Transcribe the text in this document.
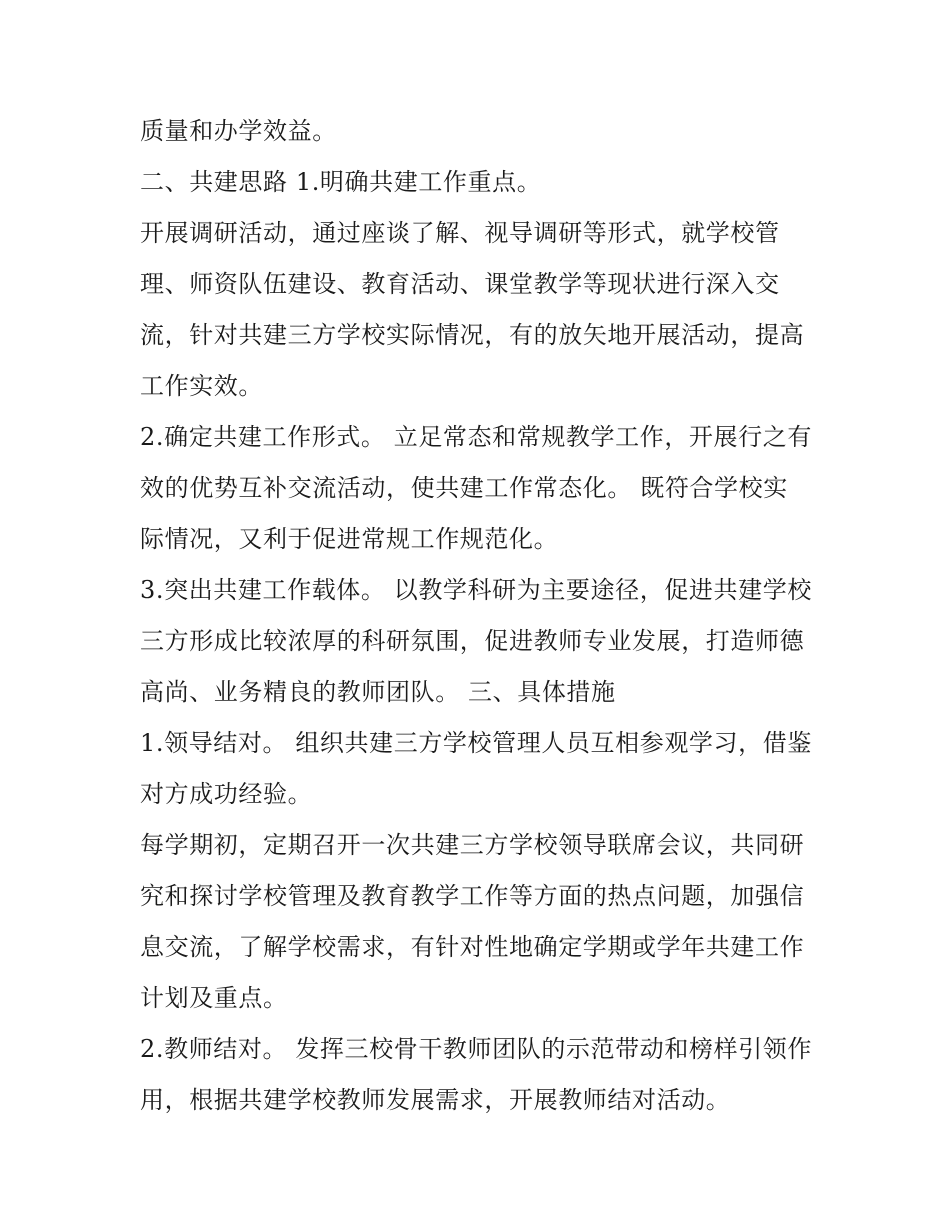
质量和办学效益。
二、共建思路 1.明确共建工作重点。
开展调研活动，通过座谈了解、视导调研等形式，就学校管
理、师资队伍建设、教育活动、课堂教学等现状进行深入交
流，针对共建三方学校实际情况，有的放矢地开展活动，提高
工作实效。
2.确定共建工作形式。 立足常态和常规教学工作，开展行之有
效的优势互补交流活动，使共建工作常态化。 既符合学校实
际情况，又利于促进常规工作规范化。
3.突出共建工作载体。 以教学科研为主要途径，促进共建学校
三方形成比较浓厚的科研氛围，促进教师专业发展，打造师德
高尚、业务精良的教师团队。 三、具体措施
1.领导结对。 组织共建三方学校管理人员互相参观学习，借鉴
对方成功经验。
每学期初，定期召开一次共建三方学校领导联席会议，共同研
究和探讨学校管理及教育教学工作等方面的热点问题，加强信
息交流，了解学校需求，有针对性地确定学期或学年共建工作
计划及重点。
2.教师结对。 发挥三校骨干教师团队的示范带动和榜样引领作
用，根据共建学校教师发展需求，开展教师结对活动。
